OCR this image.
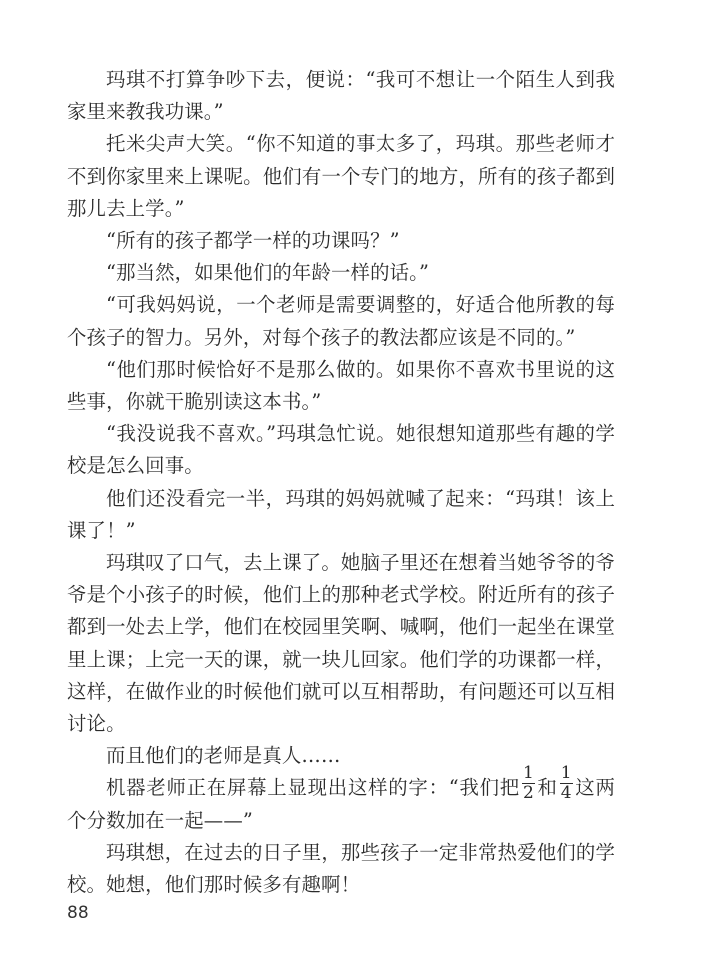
玛琪不打算争吵下去，便说：“我可不想让一个陌生人到我家里来教我功课。”

托米尖声大笑。“你不知道的事太多了，玛琪。那些老师才不到你家里来上课呢。他们有一个专门的地方，所有的孩子都到那儿去上学。”

“所有的孩子都学一样的功课吗？”

“那当然，如果他们的年龄一样的话。”

“可我妈妈说，一个老师是需要调整的，好适合他所教的每个孩子的智力。另外，对每个孩子的教法都应该是不同的。”

“他们那时候恰好不是那么做的。如果你不喜欢书里说的这些事，你就干脆别读这本书。”

“我没说我不喜欢。”玛琪急忙说。她很想知道那些有趣的学校是怎么回事。

他们还没看完一半，玛琪的妈妈就喊了起来：“玛琪！该上课了！”

玛琪叹了口气，去上课了。她脑子里还在想着当她爷爷的爷爷是个小孩子的时候，他们上的那种老式学校。附近所有的孩子都到一处去上学，他们在校园里笑啊、喊啊，他们一起坐在课堂里上课；上完一天的课，就一块儿回家。他们学的功课都一样，这样，在做作业的时候他们就可以互相帮助，有问题还可以互相讨论。

而且他们的老师是真人……

机器老师正在屏幕上显现出这样的字：“我们把 $\frac{1}{2}$ 和 $\frac{1}{4}$ 这两个分数加在一起——”

玛琪想，在过去的日子里，那些孩子一定非常热爱他们的学校。她想，他们那时候多有趣啊！

88
